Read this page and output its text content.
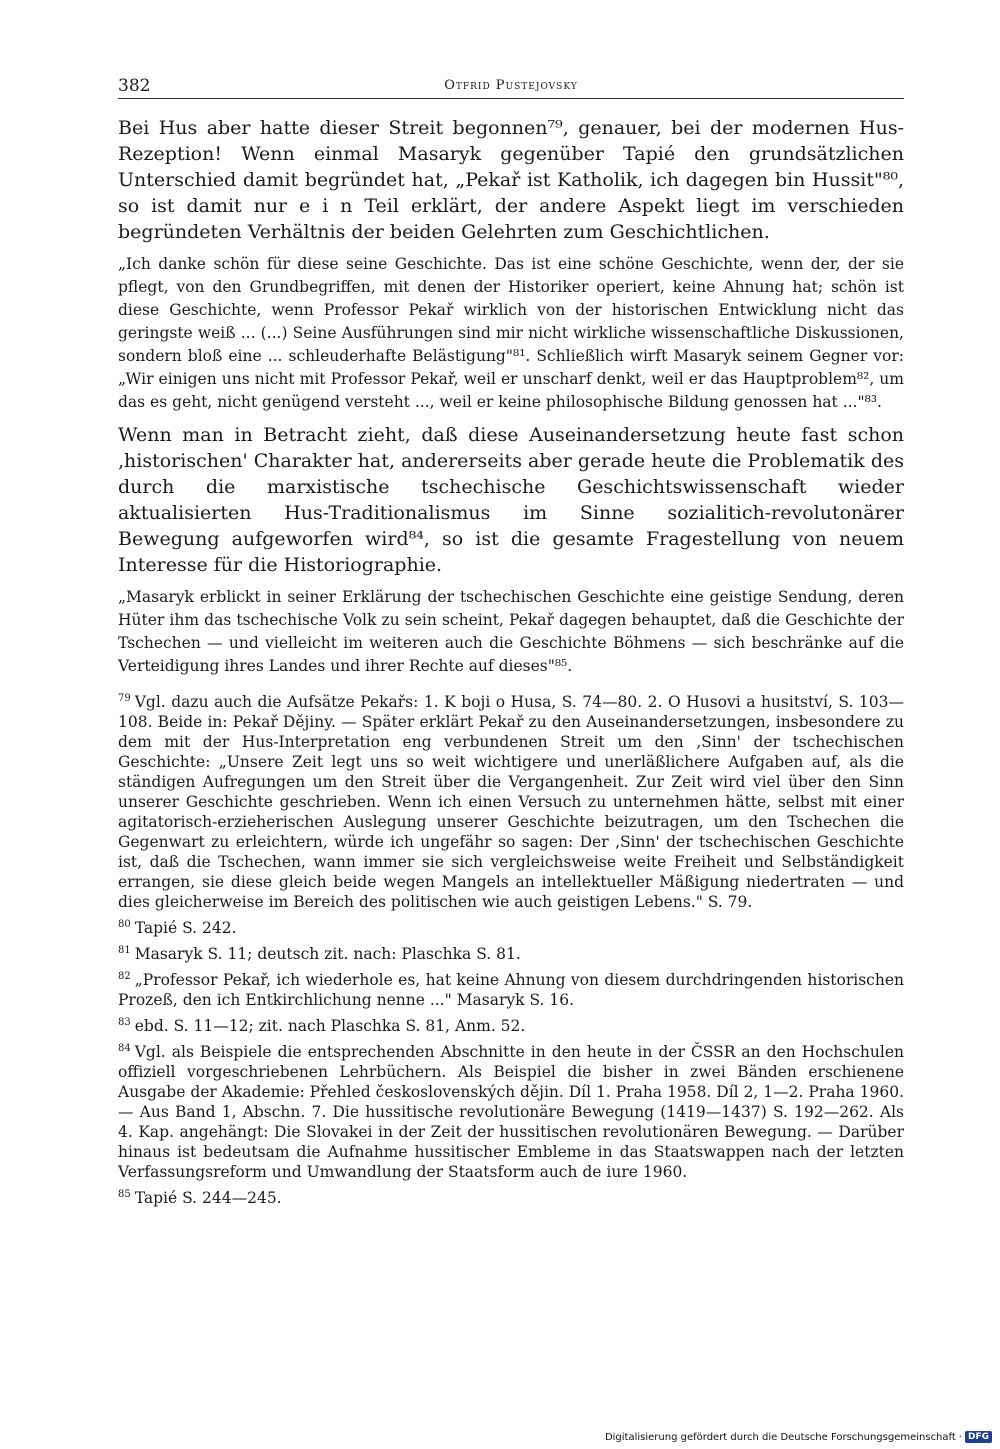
382	Otfrid Pustejovsky

Bei Hus aber hatte dieser Streit begonnen⁷⁹, genauer, bei der modernen Hus-Rezeption! Wenn einmal Masaryk gegenüber Tapié den grundsätzlichen Unterschied damit begründet hat, „Pekař ist Katholik, ich dagegen bin Hussit"⁸⁰, so ist damit nur e i n Teil erklärt, der andere Aspekt liegt im verschieden begründeten Verhältnis der beiden Gelehrten zum Geschichtlichen.

„Ich danke schön für diese seine Geschichte. Das ist eine schöne Geschichte, wenn der, der sie pflegt, von den Grundbegriffen, mit denen der Historiker operiert, keine Ahnung hat; schön ist diese Geschichte, wenn Professor Pekař wirklich von der historischen Entwicklung nicht das geringste weiß ... (...) Seine Ausführungen sind mir nicht wirkliche wissenschaftliche Diskussionen, sondern bloß eine ... schleuderhafte Belästigung"⁸¹. Schließlich wirft Masaryk seinem Gegner vor: „Wir einigen uns nicht mit Professor Pekař, weil er unscharf denkt, weil er das Hauptproblem⁸², um das es geht, nicht genügend versteht ..., weil er keine philosophische Bildung genossen hat ..."⁸³.

Wenn man in Betracht zieht, daß diese Auseinandersetzung heute fast schon ‚historischen' Charakter hat, andererseits aber gerade heute die Problematik des durch die marxistische tschechische Geschichtswissenschaft wieder aktualisierten Hus-Traditionalismus im Sinne sozialitich-revolutonärer Bewegung aufgeworfen wird⁸⁴, so ist die gesamte Fragestellung von neuem Interesse für die Historiographie.

„Masaryk erblickt in seiner Erklärung der tschechischen Geschichte eine geistige Sendung, deren Hüter ihm das tschechische Volk zu sein scheint, Pekař dagegen behauptet, daß die Geschichte der Tschechen — und vielleicht im weiteren auch die Geschichte Böhmens — sich beschränke auf die Verteidigung ihres Landes und ihrer Rechte auf dieses"⁸⁵.

$^{79}$ Vgl. dazu auch die Aufsätze Pekařs: 1. K boji o Husa, S. 74—80. 2. O Husovi a husitství, S. 103—108. Beide in: Pekař Dějiny. — Später erklärt Pekař zu den Auseinandersetzungen, insbesondere zu dem mit der Hus-Interpretation eng verbundenen Streit um den ‚Sinn' der tschechischen Geschichte: „Unsere Zeit legt uns so weit wichtigere und unerläßlichere Aufgaben auf, als die ständigen Aufregungen um den Streit über die Vergangenheit. Zur Zeit wird viel über den Sinn unserer Geschichte geschrieben. Wenn ich einen Versuch zu unternehmen hätte, selbst mit einer agitatorisch-erzieherischen Auslegung unserer Geschichte beizutragen, um den Tschechen die Gegenwart zu erleichtern, würde ich ungefähr so sagen: Der ‚Sinn' der tschechischen Geschichte ist, daß die Tschechen, wann immer sie sich vergleichsweise weite Freiheit und Selbständigkeit errangen, sie diese gleich beide wegen Mangels an intellektueller Mäßigung niedertraten — und dies gleicherweise im Bereich des politischen wie auch geistigen Lebens." S. 79.

$^{80}$ Tapié S. 242.

$^{81}$ Masaryk S. 11; deutsch zit. nach: Plaschka S. 81.

$^{82}$ „Professor Pekař, ich wiederhole es, hat keine Ahnung von diesem durchdringenden historischen Prozeß, den ich Entkirchlichung nenne ..." Masaryk S. 16.

$^{83}$ ebd. S. 11—12; zit. nach Plaschka S. 81, Anm. 52.

$^{84}$ Vgl. als Beispiele die entsprechenden Abschnitte in den heute in der ČSSR an den Hochschulen offiziell vorgeschriebenen Lehrbüchern. Als Beispiel die bisher in zwei Bänden erschienene Ausgabe der Akademie: Přehled československých dějin. Díl 1. Praha 1958. Díl 2, 1—2. Praha 1960. — Aus Band 1, Abschn. 7. Die hussitische revolutionäre Bewegung (1419—1437) S. 192—262. Als 4. Kap. angehängt: Die Slovakei in der Zeit der hussitischen revolutionären Bewegung. — Darüber hinaus ist bedeutsam die Aufnahme hussitischer Embleme in das Staatswappen nach der letzten Verfassungsreform und Umwandlung der Staatsform auch de iure 1960.

$^{85}$ Tapié S. 244—245.

Digitalisierung gefördert durch die Deutsche Forschungsgemeinschaft · DFG
